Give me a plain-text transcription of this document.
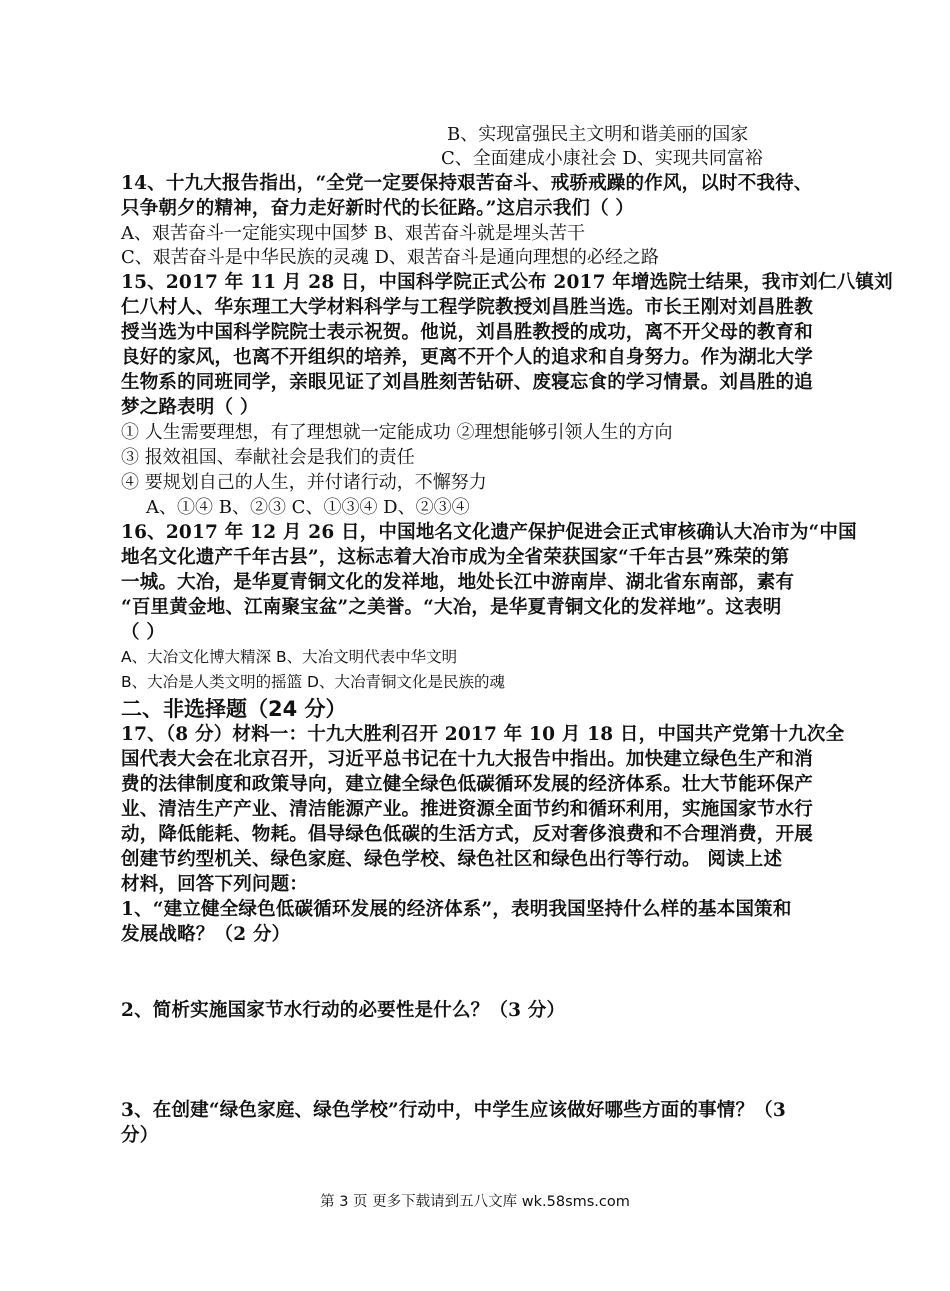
B、实现富强民主文明和谐美丽的国家
C、全面建成小康社会 D、实现共同富裕
14、十九大报告指出，“全党一定要保持艰苦奋斗、戒骄戒躁的作风，以时不我待、
只争朝夕的精神，奋力走好新时代的长征路。”这启示我们（ ）
A、艰苦奋斗一定能实现中国梦 B、艰苦奋斗就是埋头苦干
C、艰苦奋斗是中华民族的灵魂 D、艰苦奋斗是通向理想的必经之路
15、2017 年 11 月 28 日，中国科学院正式公布 2017 年增选院士结果，我市刘仁八镇刘
仁八村人、华东理工大学材料科学与工程学院教授刘昌胜当选。市长王刚对刘昌胜教
授当选为中国科学院院士表示祝贺。他说，刘昌胜教授的成功，离不开父母的教育和
良好的家风，也离不开组织的培养，更离不开个人的追求和自身努力。作为湖北大学
生物系的同班同学，亲眼见证了刘昌胜刻苦钻研、废寝忘食的学习情景。刘昌胜的追
梦之路表明（ ）
① 人生需要理想，有了理想就一定能成功 ②理想能够引领人生的方向
③ 报效祖国、奉献社会是我们的责任
④ 要规划自己的人生，并付诸行动，不懈努力
A、①④ B、②③ C、①③④ D、②③④
16、2017 年 12 月 26 日，中国地名文化遗产保护促进会正式审核确认大冶市为“中国
地名文化遗产千年古县”，这标志着大冶市成为全省荣获国家“千年古县”殊荣的第
一城。大冶，是华夏青铜文化的发祥地，地处长江中游南岸、湖北省东南部，素有
“百里黄金地、江南聚宝盆”之美誉。“大冶，是华夏青铜文化的发祥地”。这表明
（ ）
A、大冶文化博大精深 B、大冶文明代表中华文明
B、大冶是人类文明的摇篮 D、大冶青铜文化是民族的魂
二、非选择题（24 分）
17、（8 分）材料一：十九大胜利召开 2017 年 10 月 18 日，中国共产党第十九次全
国代表大会在北京召开，习近平总书记在十九大报告中指出。加快建立绿色生产和消
费的法律制度和政策导向，建立健全绿色低碳循环发展的经济体系。壮大节能环保产
业、清洁生产产业、清洁能源产业。推进资源全面节约和循环利用，实施国家节水行
动，降低能耗、物耗。倡导绿色低碳的生活方式，反对奢侈浪费和不合理消费，开展
创建节约型机关、绿色家庭、绿色学校、绿色社区和绿色出行等行动。 阅读上述
材料，回答下列问题：
1、“建立健全绿色低碳循环发展的经济体系”，表明我国坚持什么样的基本国策和
发展战略？（2 分）
2、简析实施国家节水行动的必要性是什么？（3 分）
3、在创建“绿色家庭、绿色学校”行动中，中学生应该做好哪些方面的事情？（3
分）
第 3 页 更多下载请到五八文库 wk.58sms.com
